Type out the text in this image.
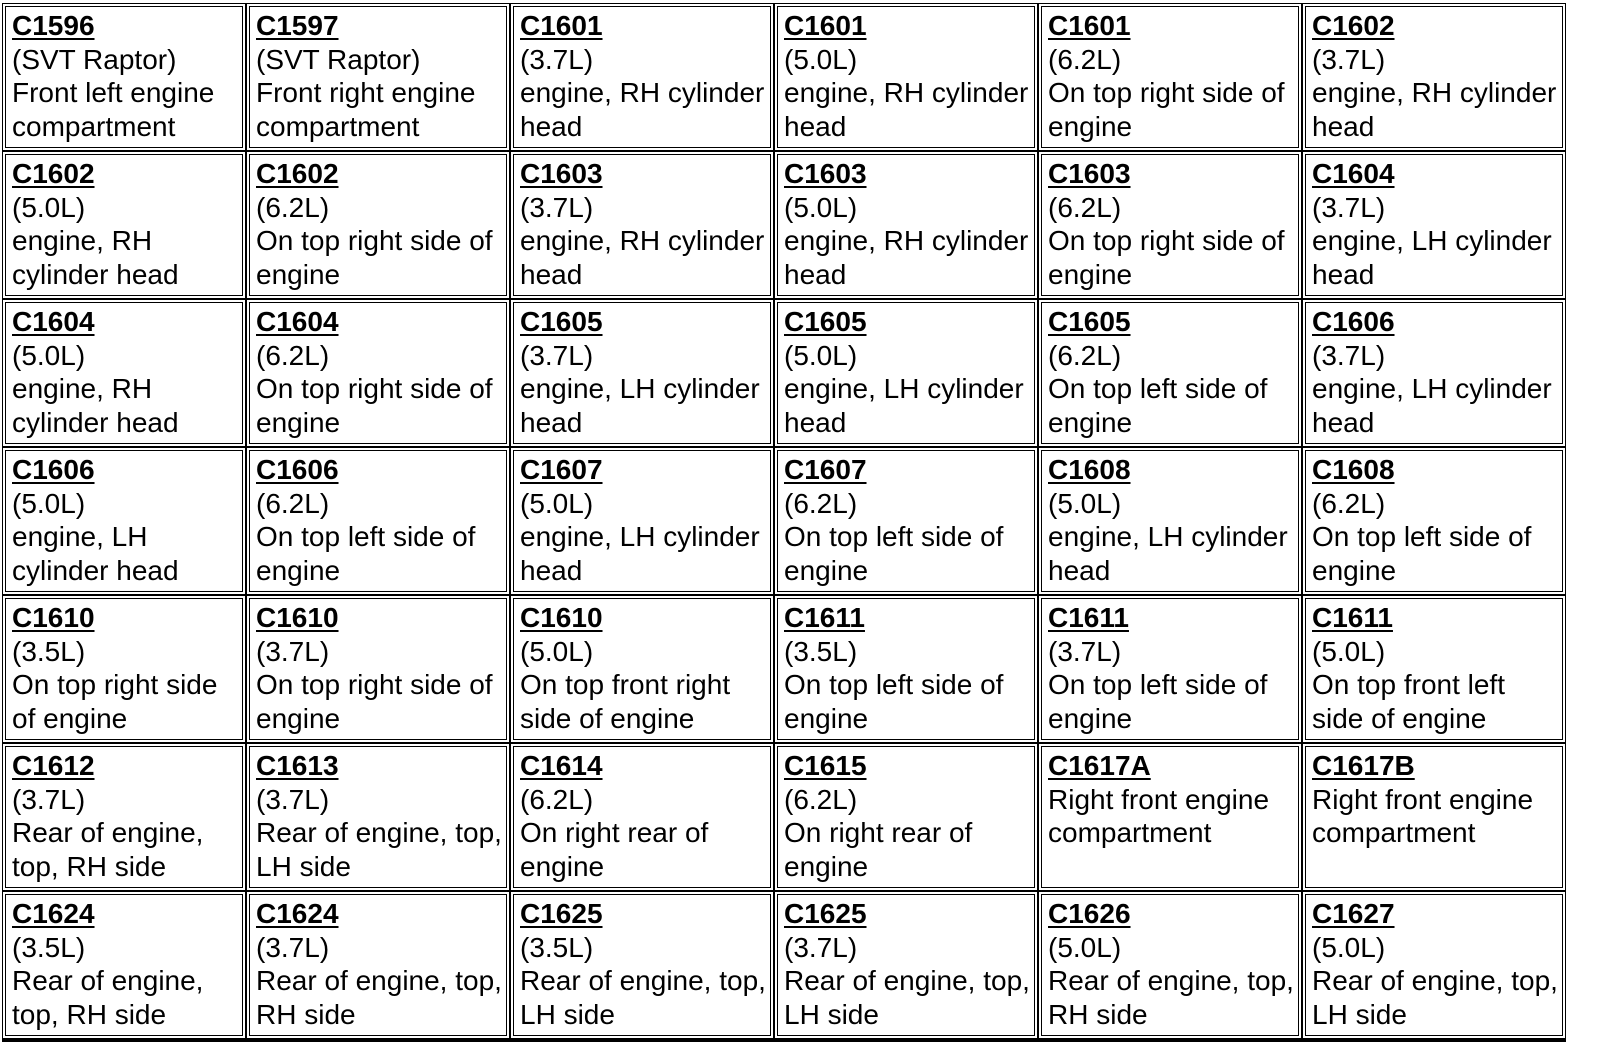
C1596
(SVT Raptor)
Front left engine compartment
C1597
(SVT Raptor)
Front right engine compartment
C1601
(3.7L)
engine, RH cylinder head
C1601
(5.0L)
engine, RH cylinder head
C1601
(6.2L)
On top right side of engine
C1602
(3.7L)
engine, RH cylinder head
C1602
(5.0L)
engine, RH cylinder head
C1602
(6.2L)
On top right side of engine
C1603
(3.7L)
engine, RH cylinder head
C1603
(5.0L)
engine, RH cylinder head
C1603
(6.2L)
On top right side of engine
C1604
(3.7L)
engine, LH cylinder head
C1604
(5.0L)
engine, RH cylinder head
C1604
(6.2L)
On top right side of engine
C1605
(3.7L)
engine, LH cylinder head
C1605
(5.0L)
engine, LH cylinder head
C1605
(6.2L)
On top left side of engine
C1606
(3.7L)
engine, LH cylinder head
C1606
(5.0L)
engine, LH cylinder head
C1606
(6.2L)
On top left side of engine
C1607
(5.0L)
engine, LH cylinder head
C1607
(6.2L)
On top left side of engine
C1608
(5.0L)
engine, LH cylinder head
C1608
(6.2L)
On top left side of engine
C1610
(3.5L)
On top right side of engine
C1610
(3.7L)
On top right side of engine
C1610
(5.0L)
On top front right side of engine
C1611
(3.5L)
On top left side of engine
C1611
(3.7L)
On top left side of engine
C1611
(5.0L)
On top front left side of engine
C1612
(3.7L)
Rear of engine, top, RH side
C1613
(3.7L)
Rear of engine, top, LH side
C1614
(6.2L)
On right rear of engine
C1615
(6.2L)
On right rear of engine
C1617A
Right front engine compartment
C1617B
Right front engine compartment
C1624
(3.5L)
Rear of engine, top, RH side
C1624
(3.7L)
Rear of engine, top, RH side
C1625
(3.5L)
Rear of engine, top, LH side
C1625
(3.7L)
Rear of engine, top, LH side
C1626
(5.0L)
Rear of engine, top, RH side
C1627
(5.0L)
Rear of engine, top, LH side
